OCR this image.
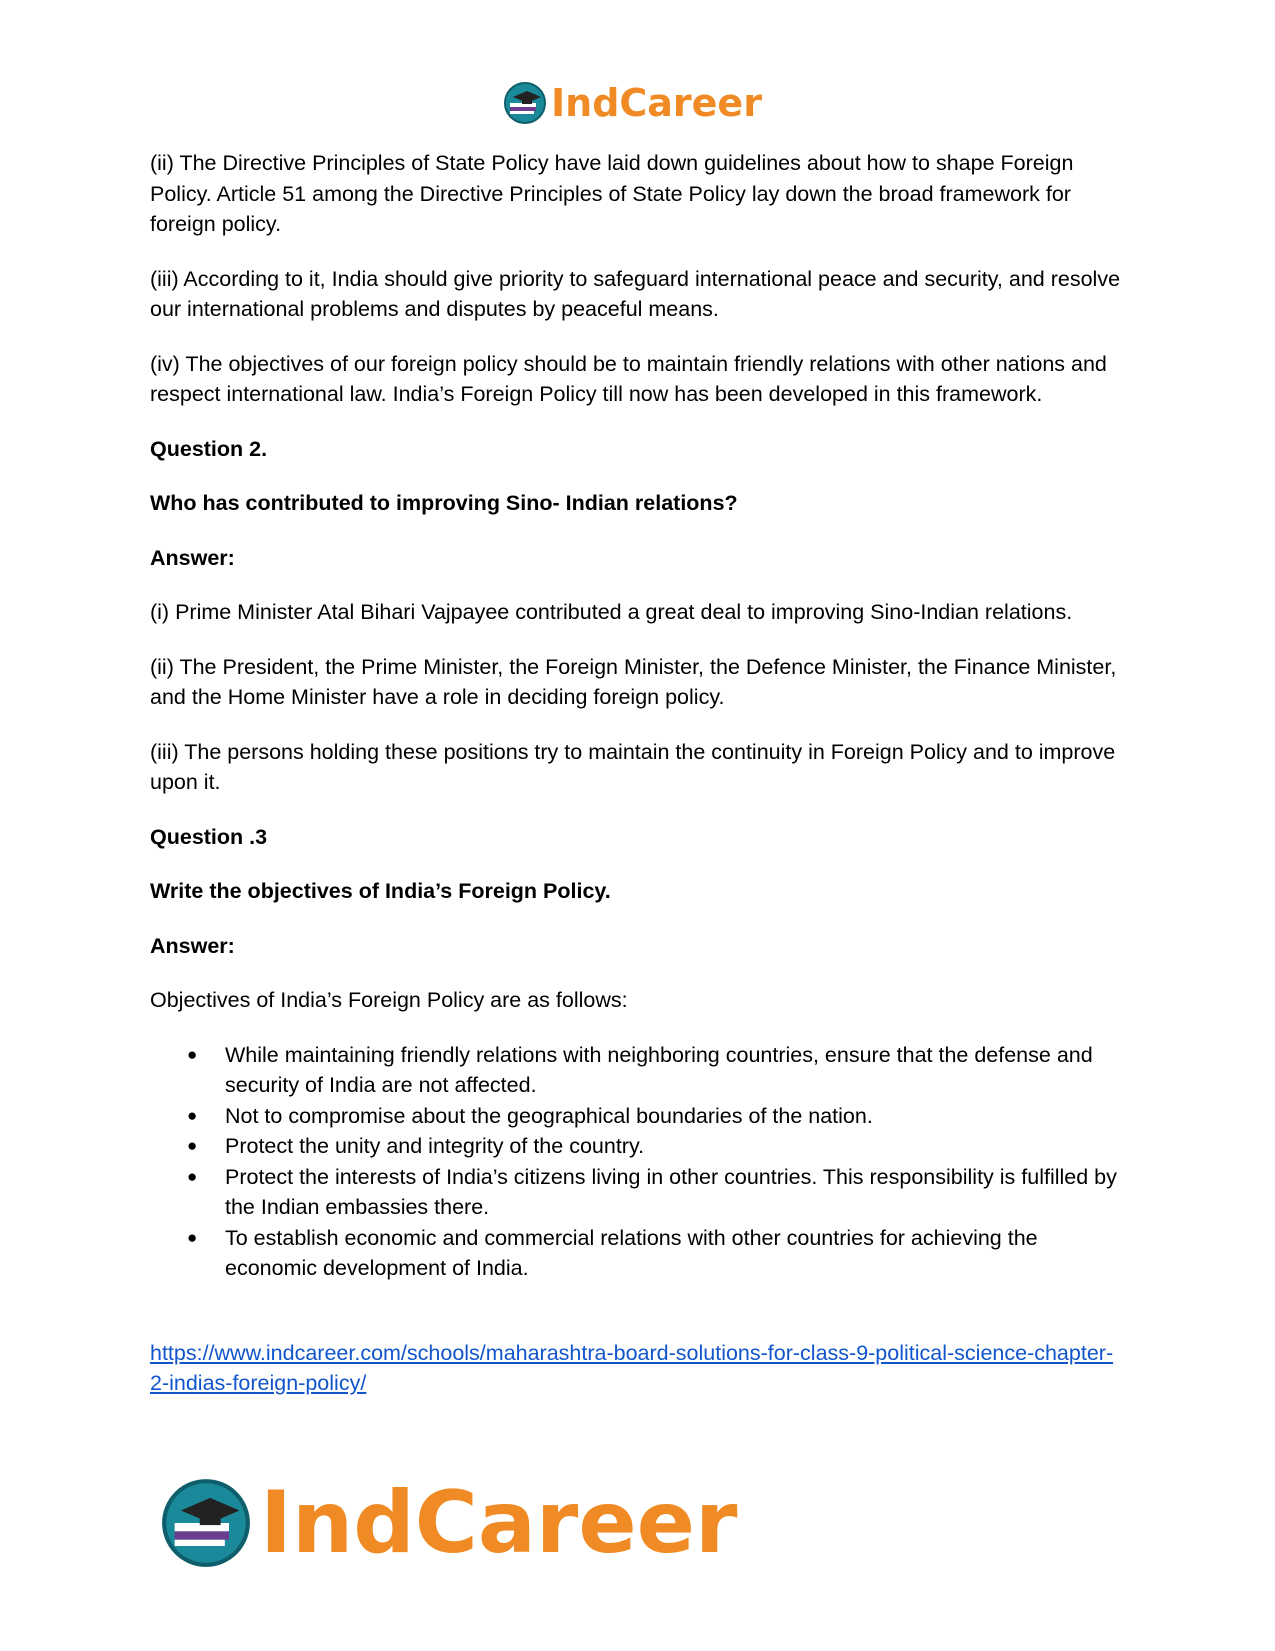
IndCareer

(ii) The Directive Principles of State Policy have laid down guidelines about how to shape Foreign Policy. Article 51 among the Directive Principles of State Policy lay down the broad framework for foreign policy.

(iii) According to it, India should give priority to safeguard international peace and security, and resolve our international problems and disputes by peaceful means.

(iv) The objectives of our foreign policy should be to maintain friendly relations with other nations and respect international law. India’s Foreign Policy till now has been developed in this framework.

Question 2.

Who has contributed to improving Sino- Indian relations?

Answer:

(i) Prime Minister Atal Bihari Vajpayee contributed a great deal to improving Sino-Indian relations.

(ii) The President, the Prime Minister, the Foreign Minister, the Defence Minister, the Finance Minister, and the Home Minister have a role in deciding foreign policy.

(iii) The persons holding these positions try to maintain the continuity in Foreign Policy and to improve upon it.

Question .3

Write the objectives of India’s Foreign Policy.

Answer:

Objectives of India’s Foreign Policy are as follows:

● While maintaining friendly relations with neighboring countries, ensure that the defense and security of India are not affected.
● Not to compromise about the geographical boundaries of the nation.
● Protect the unity and integrity of the country.
● Protect the interests of India’s citizens living in other countries. This responsibility is fulfilled by the Indian embassies there.
● To establish economic and commercial relations with other countries for achieving the economic development of India.
https://www.indcareer.com/schools/maharashtra-board-solutions-for-class-9-political-science-chapter-2-indias-foreign-policy/
IndCareer
